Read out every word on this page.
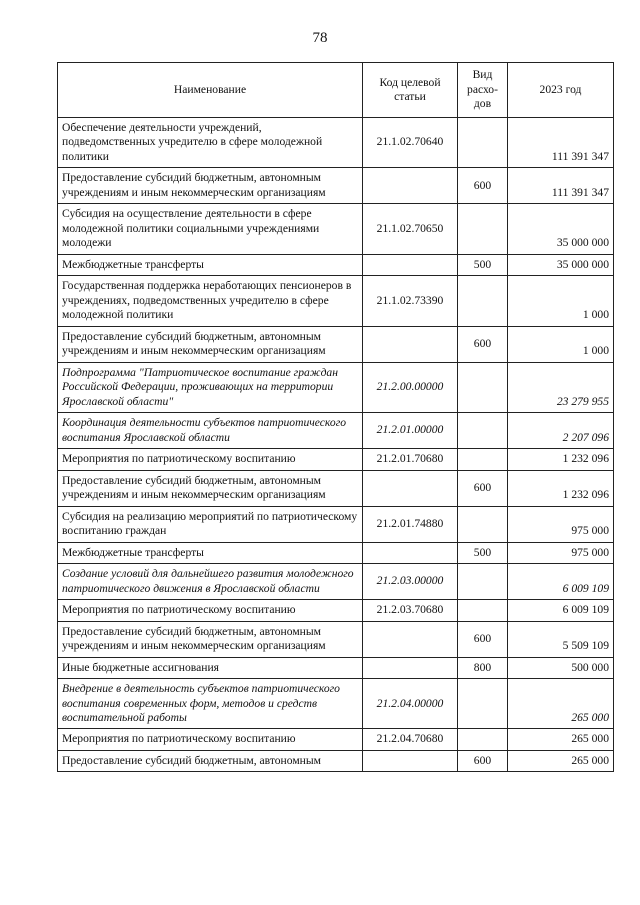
78
Наименование	Код целевой статьи	Вид расхо-дов	2023 год
Обеспечение деятельности учреждений, подведомственных учредителю в сфере молодежной политики	21.1.02.70640		111 391 347
Предоставление субсидий бюджетным, автономным учреждениям и иным некоммерческим организациям		600	111 391 347
Субсидия на осуществление деятельности в сфере молодежной политики социальными учреждениями молодежи	21.1.02.70650		35 000 000
Межбюджетные трансферты		500	35 000 000
Государственная поддержка неработающих пенсионеров в учреждениях, подведомственных учредителю в сфере молодежной политики	21.1.02.73390		1 000
Предоставление субсидий бюджетным, автономным учреждениям и иным некоммерческим организациям		600	1 000
Подпрограмма "Патриотическое воспитание граждан Российской Федерации, проживающих на территории Ярославской области"	21.2.00.00000		23 279 955
Координация деятельности субъектов патриотического воспитания Ярославской области	21.2.01.00000		2 207 096
Мероприятия по патриотическому воспитанию	21.2.01.70680		1 232 096
Предоставление субсидий бюджетным, автономным учреждениям и иным некоммерческим организациям		600	1 232 096
Субсидия на реализацию мероприятий по патриотическому воспитанию граждан	21.2.01.74880		975 000
Межбюджетные трансферты		500	975 000
Создание условий для дальнейшего развития молодежного патриотического движения в Ярославской области	21.2.03.00000		6 009 109
Мероприятия по патриотическому воспитанию	21.2.03.70680		6 009 109
Предоставление субсидий бюджетным, автономным учреждениям и иным некоммерческим организациям		600	5 509 109
Иные бюджетные ассигнования		800	500 000
Внедрение в деятельность субъектов патриотического воспитания современных форм, методов и средств воспитательной работы	21.2.04.00000		265 000
Мероприятия по патриотическому воспитанию	21.2.04.70680		265 000
Предоставление субсидий бюджетным, автономным		600	265 000
